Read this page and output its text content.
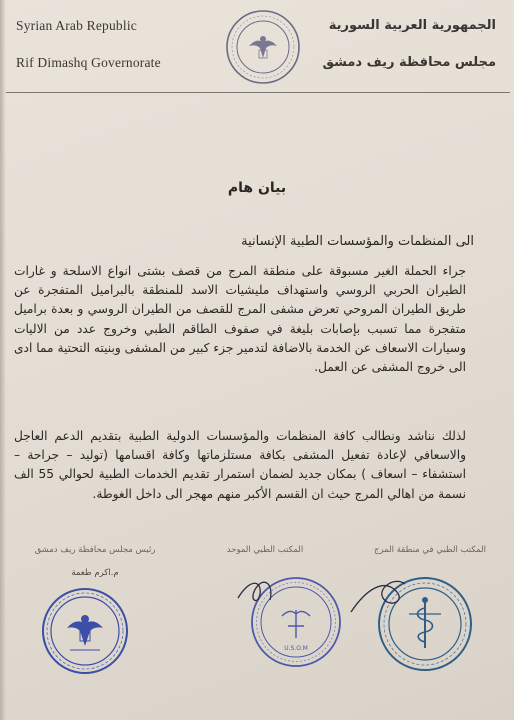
Syrian Arab Republic
Rif Dimashq Governorate
الجمهورية العربية السورية
مجلس محافظة ريف دمشق
بيان هام
الى المنظمات والمؤسسات الطبية الإنسانية
جراء الحملة الغير مسبوقة على منطقة المرج من قصف بشتى انواع الاسلحة و غارات الطيران الحربي الروسي واستهداف مليشيات الاسد للمنطقة بالبراميل المتفجرة عن طريق الطيران المروحي تعرض مشفى المرج للقصف من الطيران الروسي و بعدة براميل متفجرة مما تسبب بإصابات بليغة في صفوف الطاقم الطبي وخروج عدد من الاليات وسيارات الاسعاف عن الخدمة بالاضافة لتدمير جزء كبير من المشفى وبنيته التحتية مما ادى الى خروج المشفى عن العمل.
لذلك نناشد ونطالب كافة المنظمات والمؤسسات الدولية الطبية بتقديم الدعم العاجل والاسعافي لإعادة تفعيل المشفى بكافة مستلزماتها وكافة اقسامها (توليد – جراحة – استشفاء – اسعاف ) بمكان جديد لضمان استمرار تقديم الخدمات الطبية لحوالي 55 الف نسمة من اهالي المرج حيث ان القسم الأكبر منهم مهجر الى داخل الغوطة.
رئيس مجلس محافظة ريف دمشق
م.اكرم طعمة
المكتب الطبي الموحد	المكتب الطبي في منطقة المرج
U.S.O.M
